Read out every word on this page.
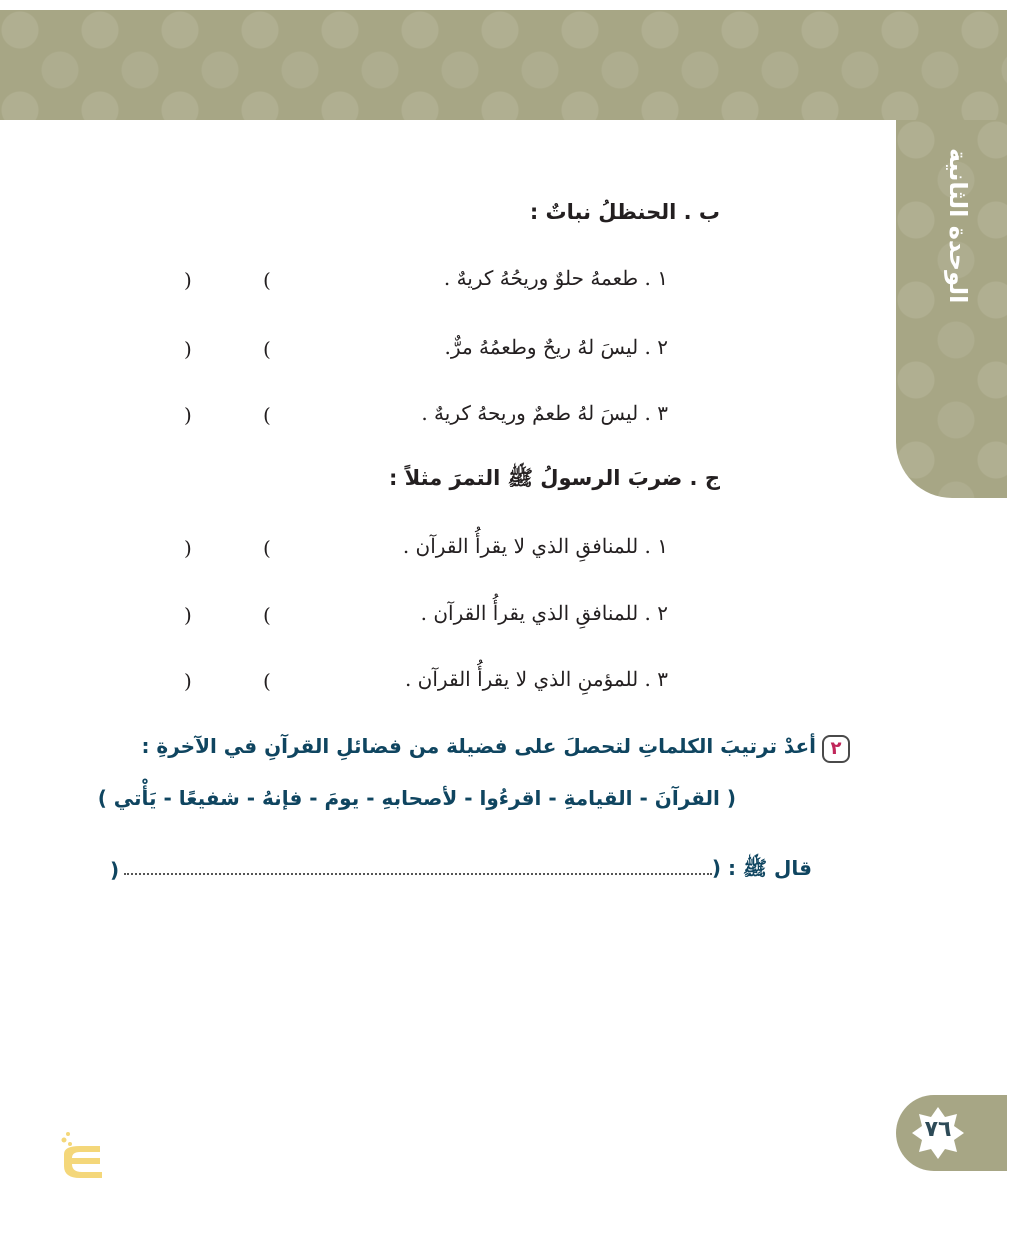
الوحدة الثانية
٧٦
ب . الحنظلُ نباتٌ :
١ . طعمهُ حلوٌ وريحُهُ كريهٌ .
(
)
٢ . ليسَ لهُ ريحٌ وطعمُهُ مرٌّ.
(
)
٣ . ليسَ لهُ طعمٌ وريحهُ كريهٌ .
(
)
ج . ضربَ الرسولُ ﷺ التمرَ مثلاً :
١ . للمنافقِ الذي لا يقرأُ القرآن .
(
)
٢ . للمنافقِ الذي يقرأُ القرآن .
(
)
٣ . للمؤمنِ الذي لا يقرأُ القرآن .
(
)
٢
أعدْ ترتيبَ الكلماتِ لتحصلَ على فضيلة من فضائلِ القرآنِ في الآخرةِ :
( القرآنَ - القيامةِ - اقرءُوا - لأصحابهِ - يومَ - فإنهُ - شفيعًا - يَأْتي )
قال ﷺ : (
)
